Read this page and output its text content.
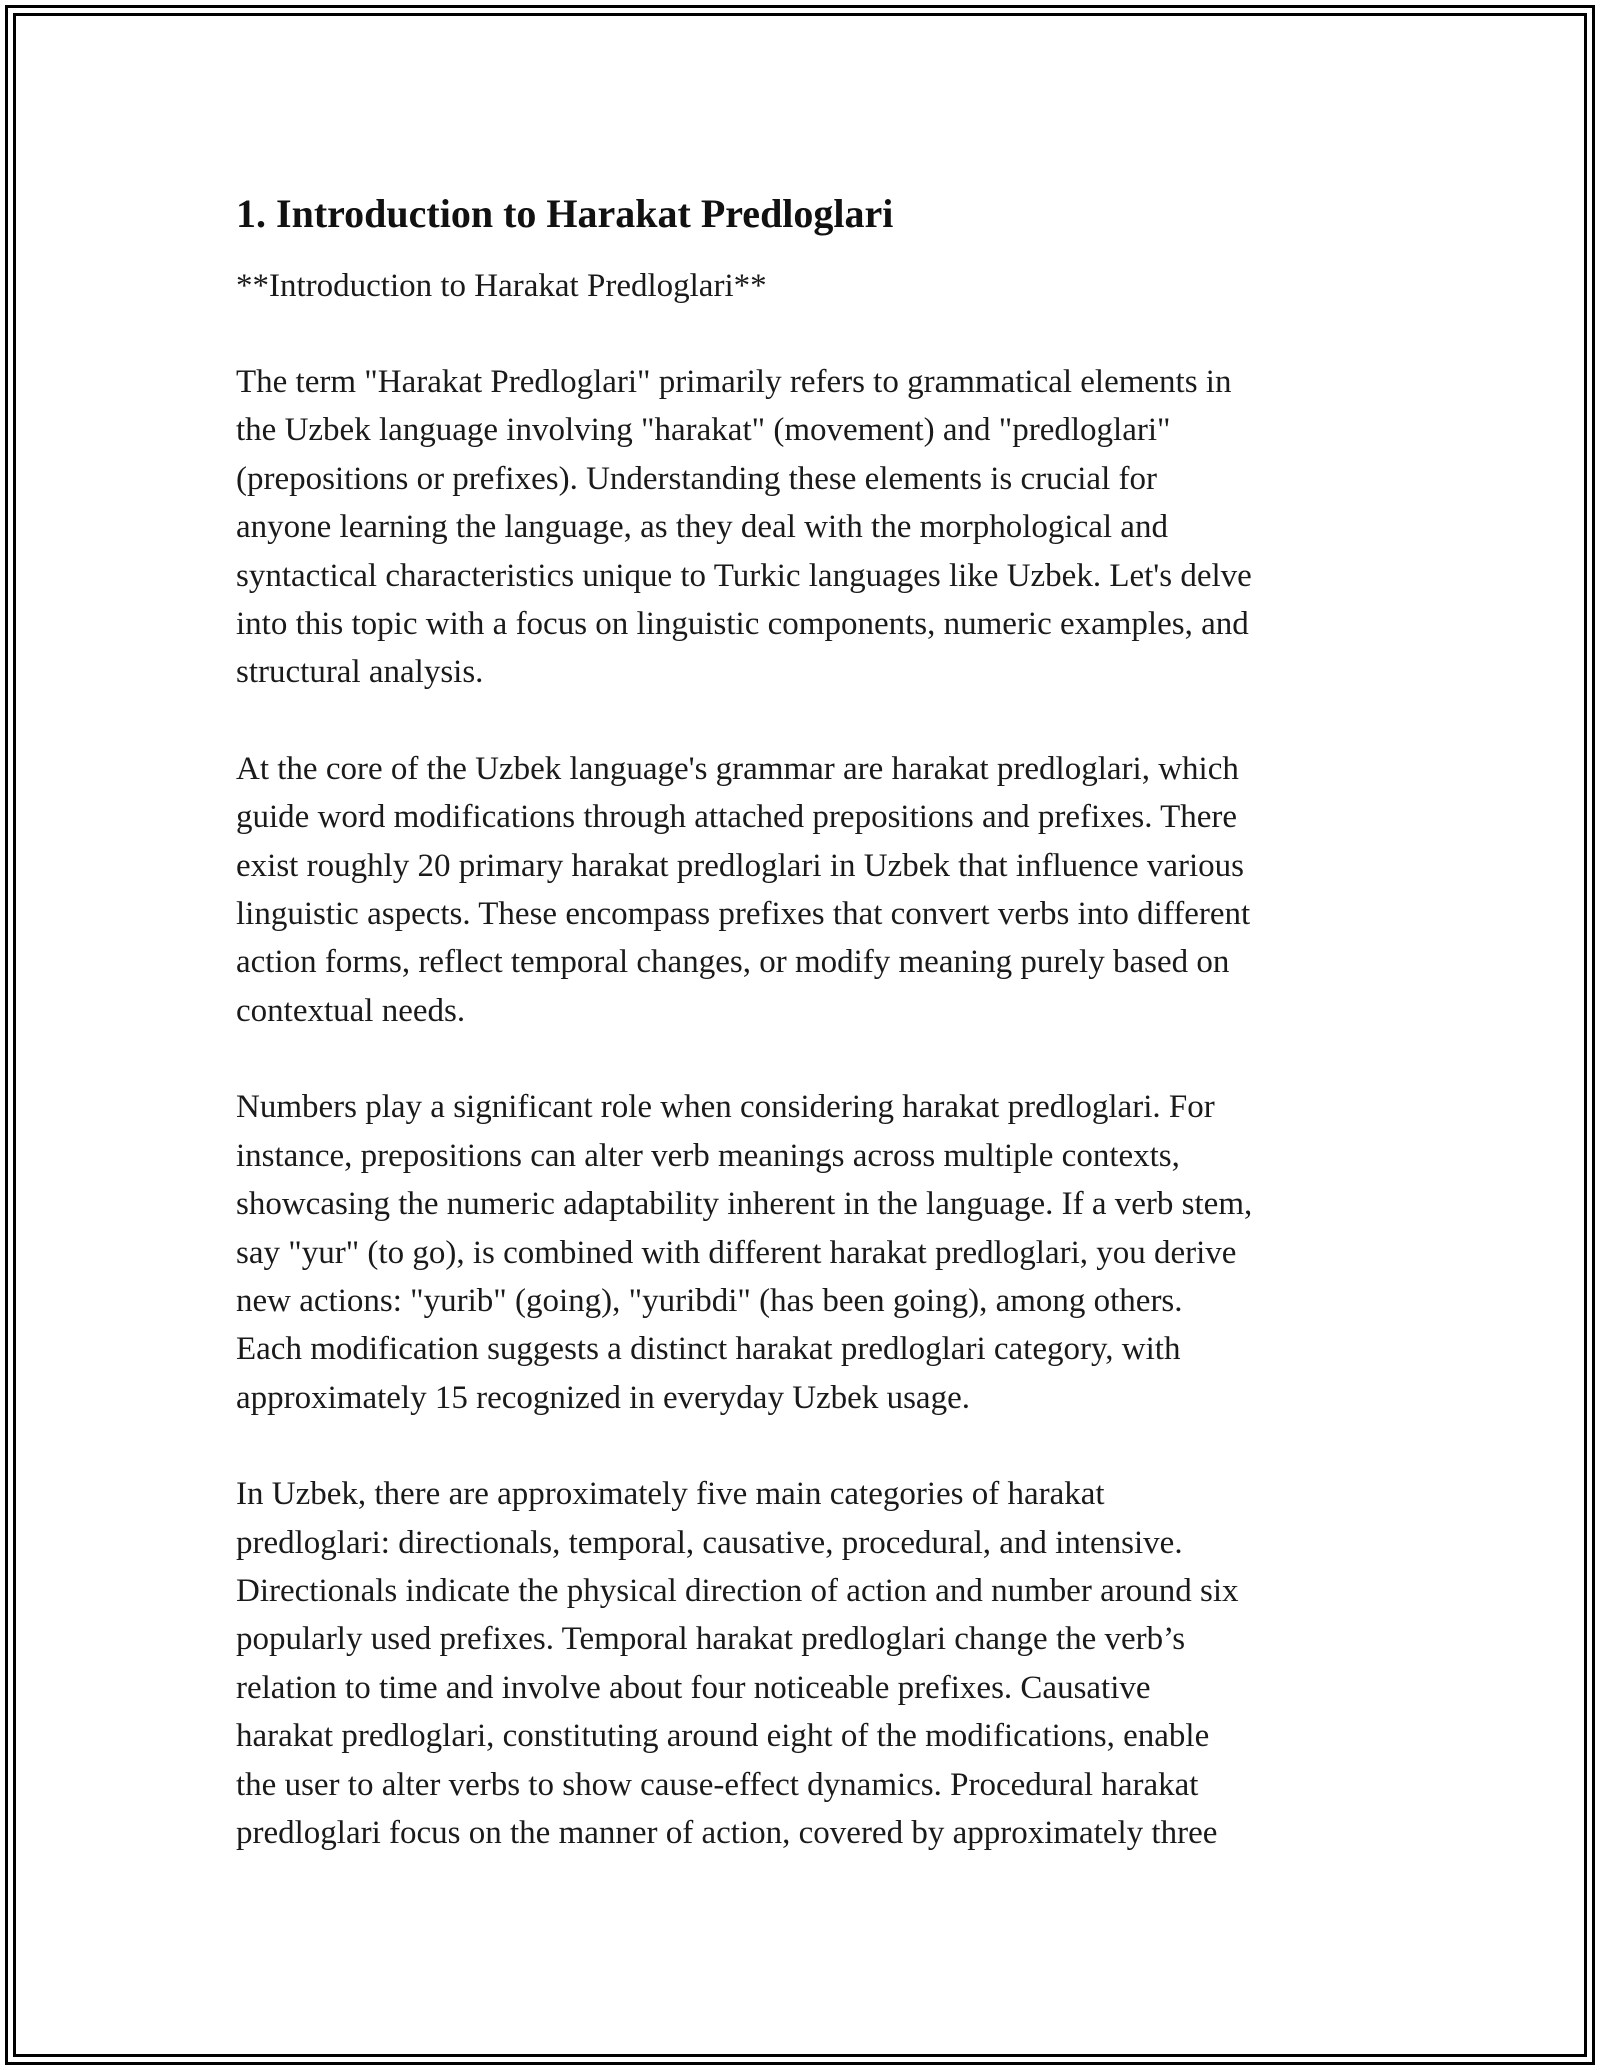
1. Introduction to Harakat Predloglari

**Introduction to Harakat Predloglari**

The term "Harakat Predloglari" primarily refers to grammatical elements in
the Uzbek language involving "harakat" (movement) and "predloglari"
(prepositions or prefixes). Understanding these elements is crucial for
anyone learning the language, as they deal with the morphological and
syntactical characteristics unique to Turkic languages like Uzbek. Let's delve
into this topic with a focus on linguistic components, numeric examples, and
structural analysis.

At the core of the Uzbek language's grammar are harakat predloglari, which
guide word modifications through attached prepositions and prefixes. There
exist roughly 20 primary harakat predloglari in Uzbek that influence various
linguistic aspects. These encompass prefixes that convert verbs into different
action forms, reflect temporal changes, or modify meaning purely based on
contextual needs.

Numbers play a significant role when considering harakat predloglari. For
instance, prepositions can alter verb meanings across multiple contexts,
showcasing the numeric adaptability inherent in the language. If a verb stem,
say "yur" (to go), is combined with different harakat predloglari, you derive
new actions: "yurib" (going), "yuribdi" (has been going), among others.
Each modification suggests a distinct harakat predloglari category, with
approximately 15 recognized in everyday Uzbek usage.

In Uzbek, there are approximately five main categories of harakat
predloglari: directionals, temporal, causative, procedural, and intensive.
Directionals indicate the physical direction of action and number around six
popularly used prefixes. Temporal harakat predloglari change the verb’s
relation to time and involve about four noticeable prefixes. Causative
harakat predloglari, constituting around eight of the modifications, enable
the user to alter verbs to show cause-effect dynamics. Procedural harakat
predloglari focus on the manner of action, covered by approximately three
